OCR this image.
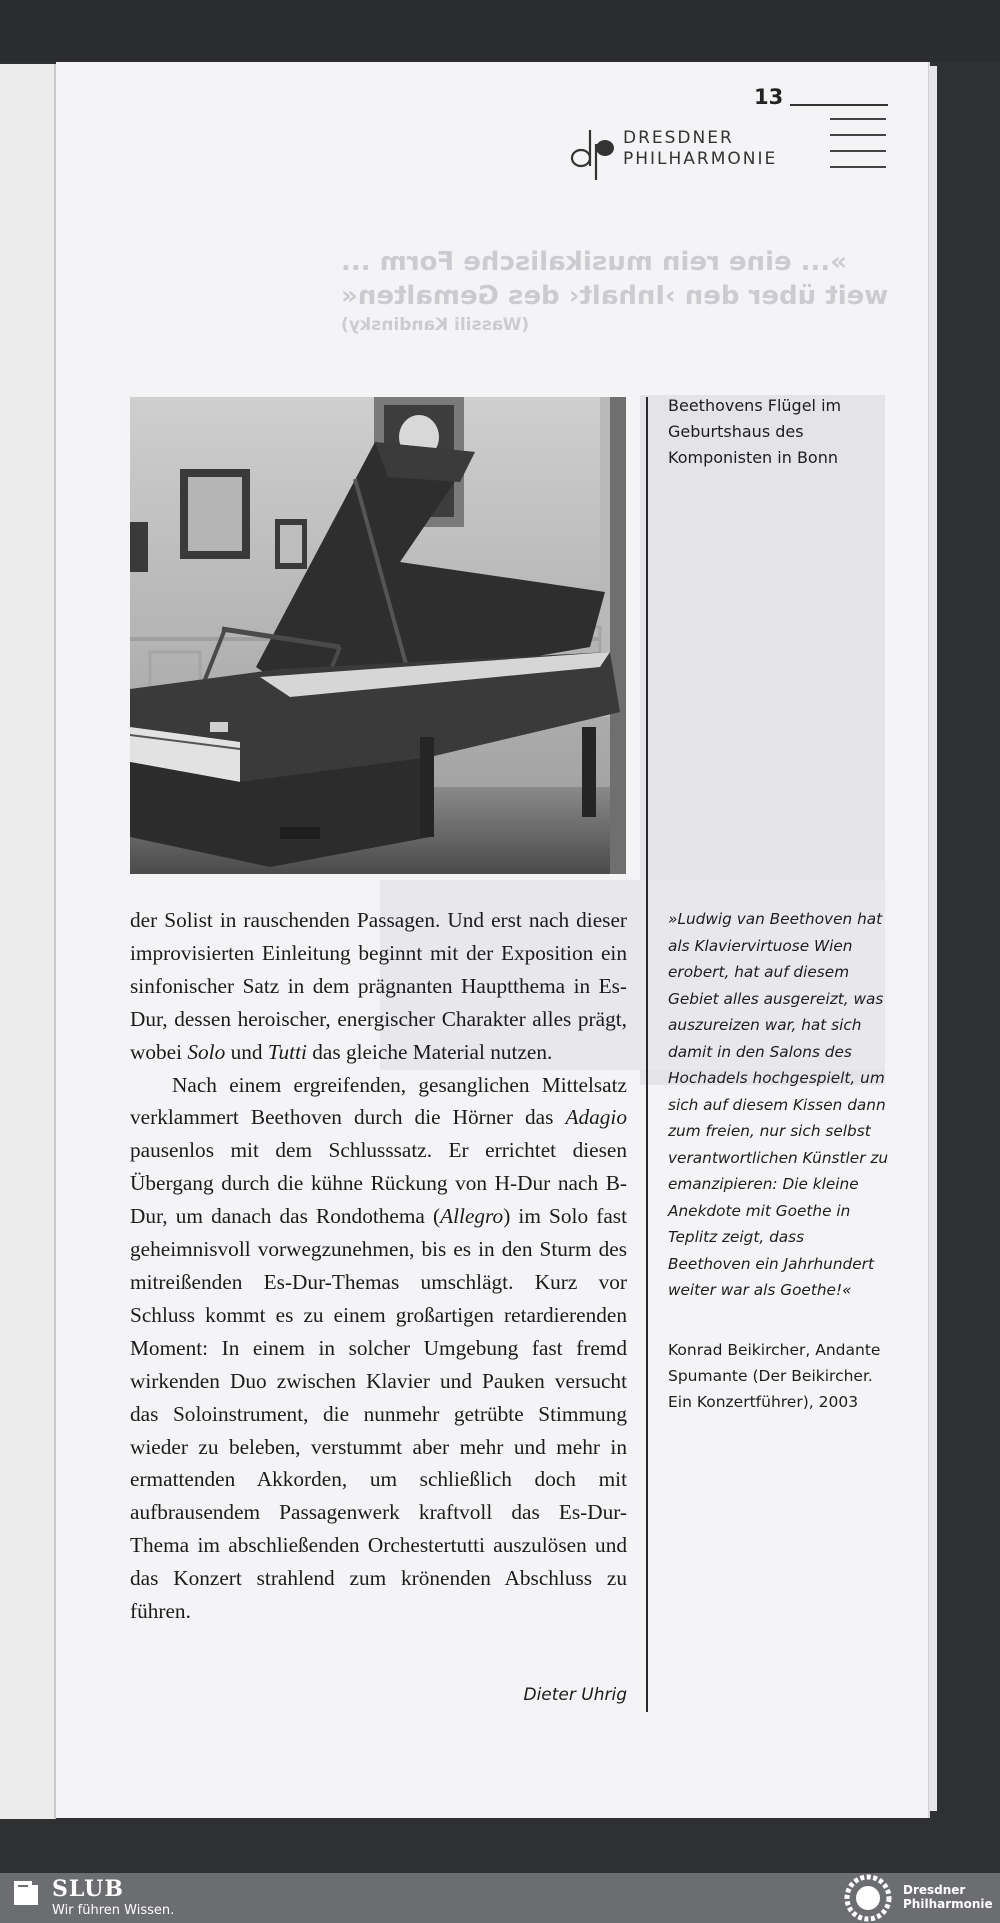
13
DRESDNER
PHILHARMONIE
»... eine rein musikalische Form ...
weit über den ›Inhalt‹ des Gemalten«
(Wassili Kandinsky)
Beethovens Flügel im Geburtshaus des Komponisten in Bonn

der Solist in rauschenden Passagen. Und erst nach dieser improvisierten Einleitung beginnt mit der Exposition ein sinfonischer Satz in dem prägnanten Hauptthema in Es-Dur, dessen heroischer, energischer Charakter alles prägt, wobei Solo und Tutti das gleiche Material nutzen.

Nach einem ergreifenden, gesanglichen Mittelsatz verklammert Beethoven durch die Hörner das Adagio pausenlos mit dem Schlusssatz. Er errichtet diesen Übergang durch die kühne Rückung von H-Dur nach B-Dur, um danach das Rondothema (Allegro) im Solo fast geheimnisvoll vorwegzunehmen, bis es in den Sturm des mitreißenden Es-Dur-Themas umschlägt. Kurz vor Schluss kommt es zu einem großartigen retardierenden Moment: In einem in solcher Umgebung fast fremd wirkenden Duo zwischen Klavier und Pauken versucht das Soloinstrument, die nunmehr getrübte Stimmung wieder zu beleben, verstummt aber mehr und mehr in ermattenden Akkorden, um schließlich doch mit aufbrausendem Passagenwerk kraftvoll das Es-Dur-Thema im abschließenden Orchestertutti auszulösen und das Konzert strahlend zum krönenden Abschluss zu führen.

Dieter Uhrig
»Ludwig van Beethoven hat als Klaviervirtuose Wien erobert, hat auf diesem Gebiet alles ausgereizt, was auszureizen war, hat sich damit in den Salons des Hochadels hochgespielt, um sich auf diesem Kissen dann zum freien, nur sich selbst verantwortlichen Künstler zu emanzipieren: Die kleine Anekdote mit Goethe in Teplitz zeigt, dass Beethoven ein Jahrhundert weiter war als Goethe!«
Konrad Beikircher, Andante Spumante (Der Beikircher. Ein Konzertführer), 2003
SLUB
Wir führen Wissen.
Dresdner
Philharmonie
